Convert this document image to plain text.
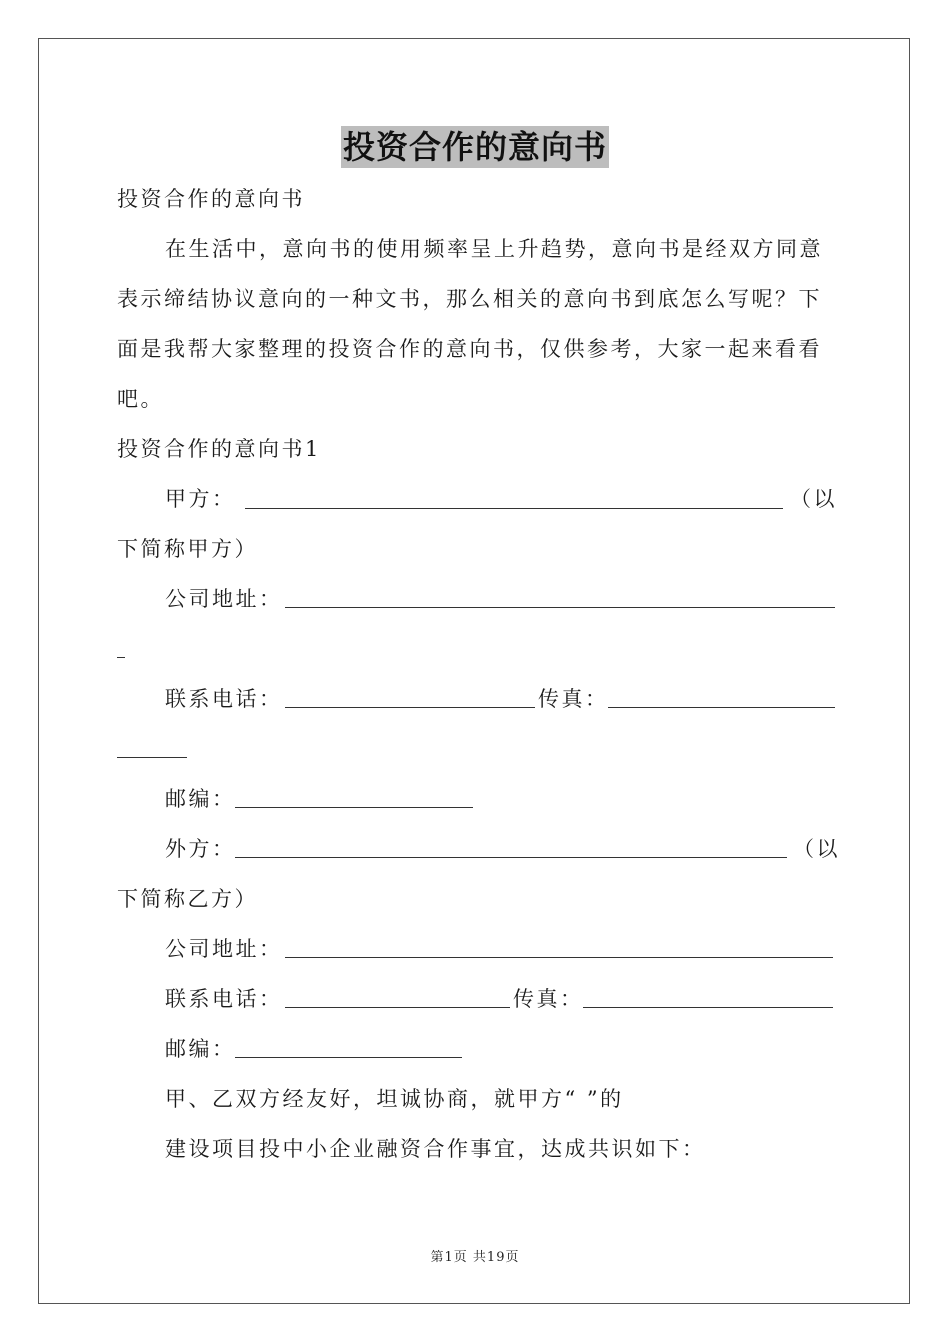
投资合作的意向书
投资合作的意向书
在生活中，意向书的使用频率呈上升趋势，意向书是经双方同意
表示缔结协议意向的一种文书，那么相关的意向书到底怎么写呢？下
面是我帮大家整理的投资合作的意向书，仅供参考，大家一起来看看
吧。
投资合作的意向书1
甲方：	（以
下简称甲方）
公司地址：
联系电话：	传真：
邮编：
外方：	（以
下简称乙方）
公司地址：
联系电话：	传真：
邮编：
甲、乙双方经友好，坦诚协商，就甲方“ ”的
建设项目投中小企业融资合作事宜，达成共识如下：
第1页 共19页
